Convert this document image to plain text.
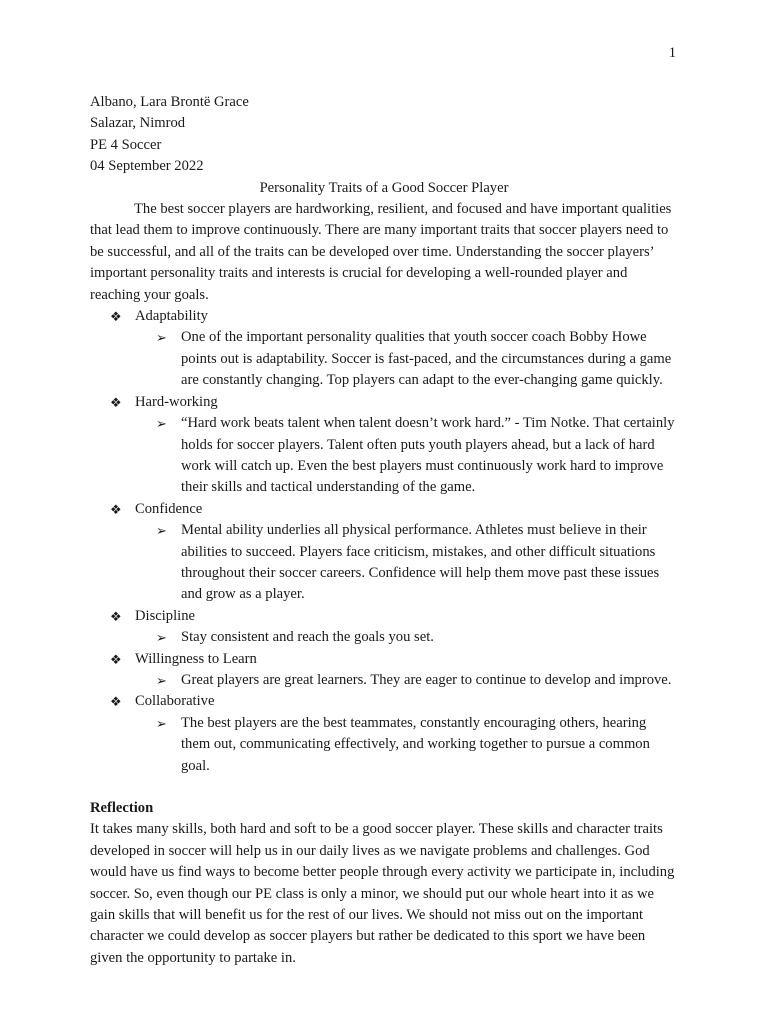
1

Albano, Lara Brontë Grace

Salazar, Nimrod

PE 4 Soccer

04 September 2022

Personality Traits of a Good Soccer Player

The best soccer players are hardworking, resilient, and focused and have important qualities that lead them to improve continuously. There are many important traits that soccer players need to be successful, and all of the traits can be developed over time. Understanding the soccer players’ important personality traits and interests is crucial for developing a well-rounded player and reaching your goals.

❖ Adaptability
➢ One of the important personality qualities that youth soccer coach Bobby Howe points out is adaptability. Soccer is fast-paced, and the circumstances during a game are constantly changing. Top players can adapt to the ever-changing game quickly.
❖ Hard-working
➢ “Hard work beats talent when talent doesn’t work hard.” - Tim Notke. That certainly holds for soccer players. Talent often puts youth players ahead, but a lack of hard work will catch up. Even the best players must continuously work hard to improve their skills and tactical understanding of the game.
❖ Confidence
➢ Mental ability underlies all physical performance. Athletes must believe in their abilities to succeed. Players face criticism, mistakes, and other difficult situations throughout their soccer careers. Confidence will help them move past these issues and grow as a player.
❖ Discipline
➢ Stay consistent and reach the goals you set.
❖ Willingness to Learn
➢ Great players are great learners. They are eager to continue to develop and improve.
❖ Collaborative
➢ The best players are the best teammates, constantly encouraging others, hearing them out, communicating effectively, and working together to pursue a common goal.

Reflection

It takes many skills, both hard and soft to be a good soccer player. These skills and character traits developed in soccer will help us in our daily lives as we navigate problems and challenges. God would have us find ways to become better people through every activity we participate in, including soccer. So, even though our PE class is only a minor, we should put our whole heart into it as we gain skills that will benefit us for the rest of our lives. We should not miss out on the important character we could develop as soccer players but rather be dedicated to this sport we have been given the opportunity to partake in.
